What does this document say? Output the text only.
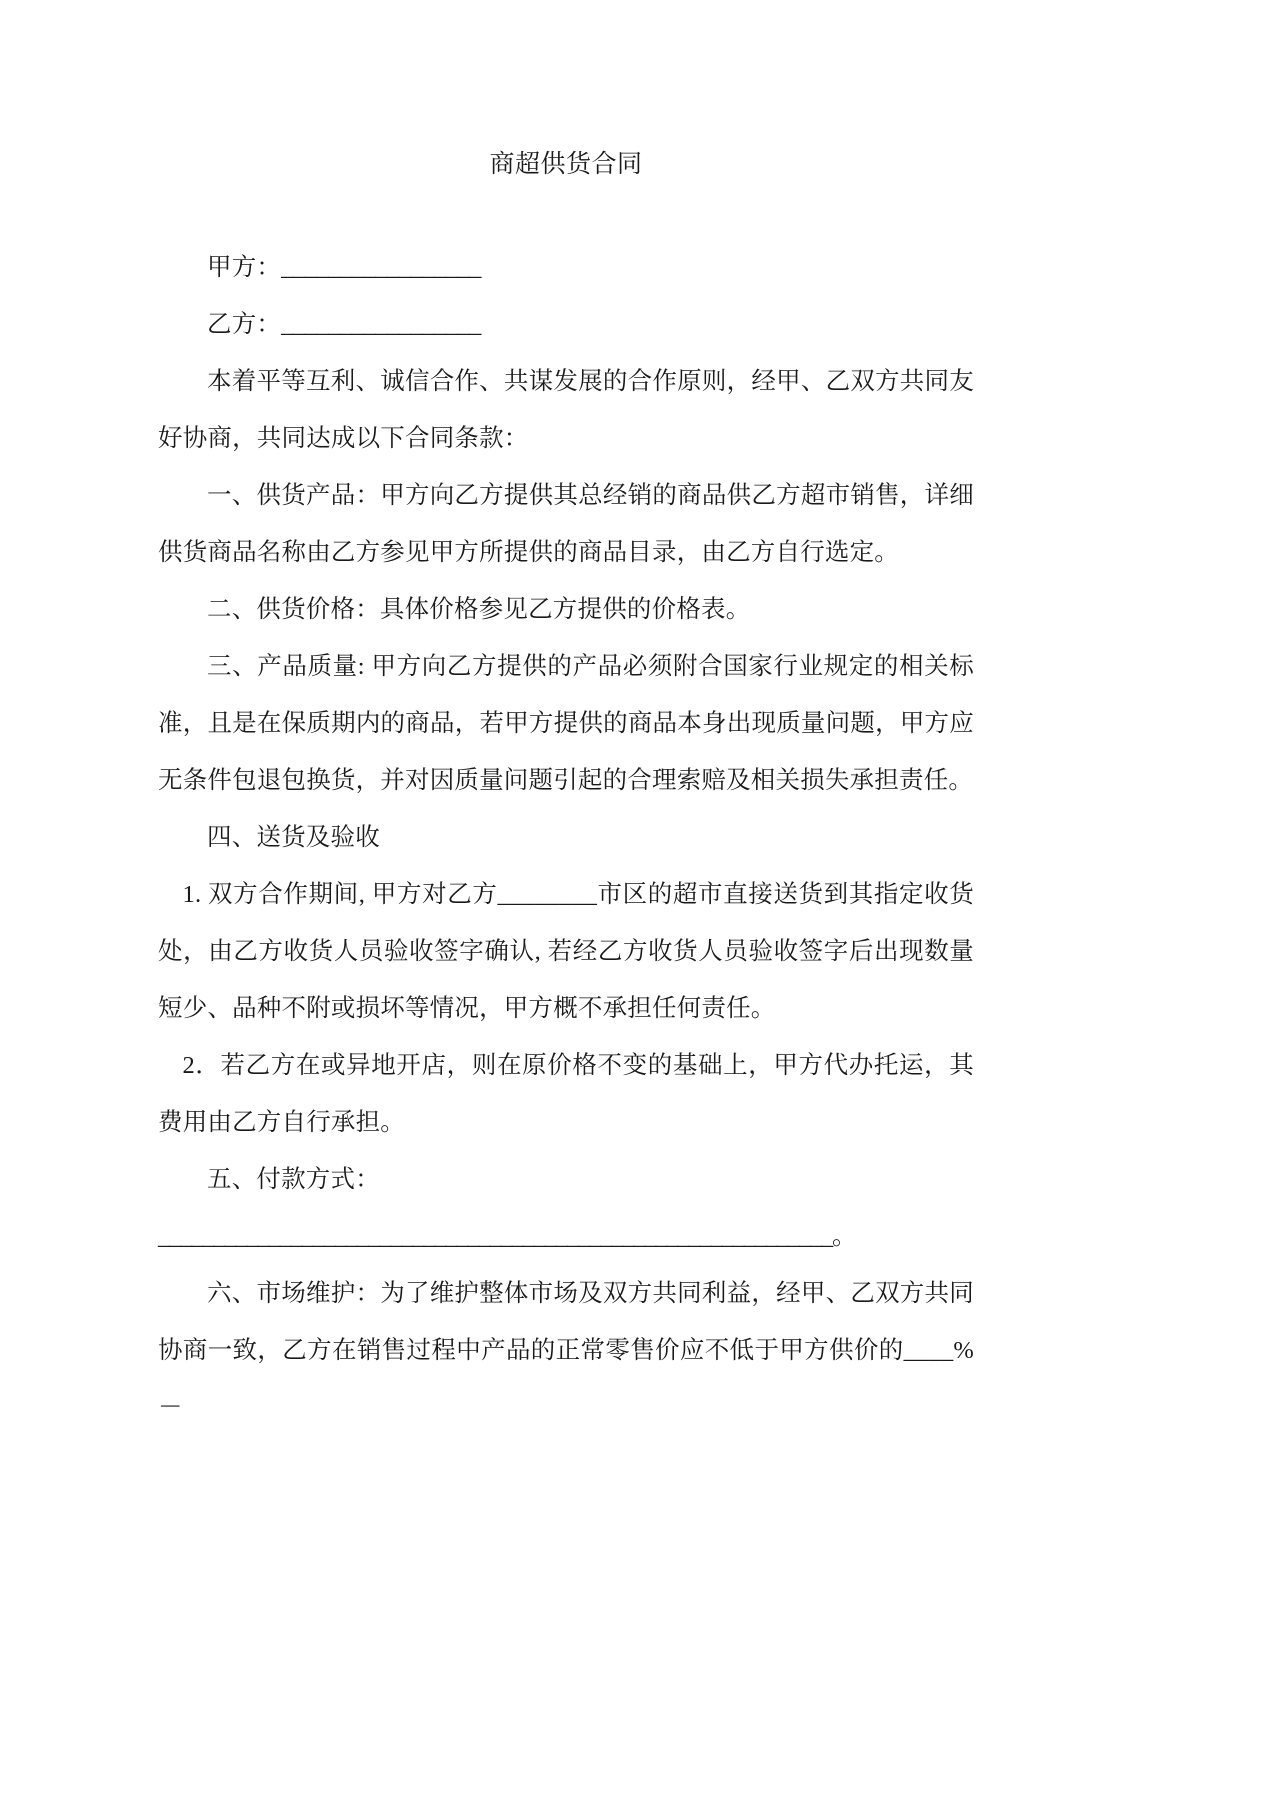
商超供货合同

甲方：_________________

乙方：_________________

本着平等互利、诚信合作、共谋发展的合作原则，经甲、乙双方共同友好协商，共同达成以下合同条款：

一、供货产品：甲方向乙方提供其总经销的商品供乙方超市销售，详细供货商品名称由乙方参见甲方所提供的商品目录，由乙方自行选定。

二、供货价格：具体价格参见乙方提供的价格表。

三、产品质量: 甲方向乙方提供的产品必须附合国家行业规定的相关标准，且是在保质期内的商品，若甲方提供的商品本身出现质量问题，甲方应无条件包退包换货，并对因质量问题引起的合理索赔及相关损失承担责任。

四、送货及验收

1. 双方合作期间, 甲方对乙方________市区的超市直接送货到其指定收货处，由乙方收货人员验收签字确认, 若经乙方收货人员验收签字后出现数量短少、品种不附或损坏等情况，甲方概不承担任何责任。

2．若乙方在或异地开店，则在原价格不变的基础上，甲方代办托运，其费用由乙方自行承担。

五、付款方式：

_____________________________________________________________。

六、市场维护：为了维护整体市场及双方共同利益，经甲、乙双方共同协商一致，乙方在销售过程中产品的正常零售价应不低于甲方供价的____%－
